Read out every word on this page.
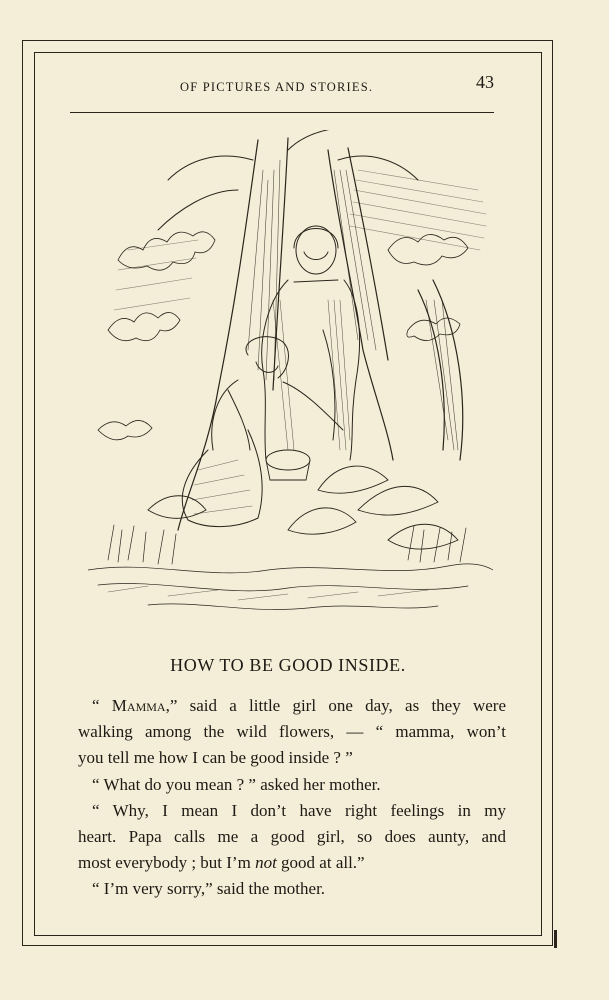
OF PICTURES AND STORIES.	43
HOW TO BE GOOD INSIDE.

“ Mamma,” said a little girl one day, as they were

walking among the wild flowers, — “ mamma, won’t

you tell me how I can be good inside ? ”

“ What do you mean ? ” asked her mother.

“ Why, I mean I don’t have right feelings in my

heart. Papa calls me a good girl, so does aunty, and

most everybody ; but I’m not good at all.”

“ I’m very sorry,” said the mother.
